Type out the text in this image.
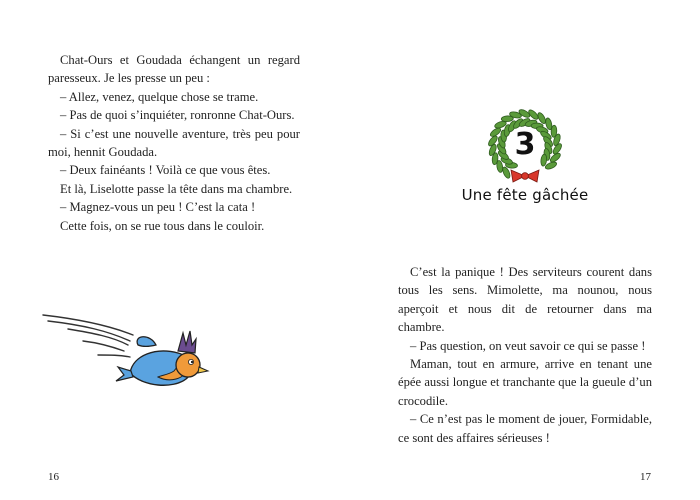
Chat-Ours et Goudada échangent un regard paresseux. Je les presse un peu :

– Allez, venez, quelque chose se trame.

– Pas de quoi s’inquiéter, ronronne Chat-Ours.

– Si c’est une nouvelle aventure, très peu pour moi, hennit Goudada.

– Deux fainéants ! Voilà ce que vous êtes.

Et là, Liselotte passe la tête dans ma chambre.

– Magnez-vous un peu ! C’est la cata !

Cette fois, on se rue tous dans le couloir.

16
3
Une fête gâchée

C’est la panique ! Des serviteurs courent dans tous les sens. Mimolette, ma nounou, nous aperçoit et nous dit de retourner dans ma chambre.

– Pas question, on veut savoir ce qui se passe !

Maman, tout en armure, arrive en tenant une épée aussi longue et tranchante que la gueule d’un crocodile.

– Ce n’est pas le moment de jouer, Formidable, ce sont des affaires sérieuses !

17
